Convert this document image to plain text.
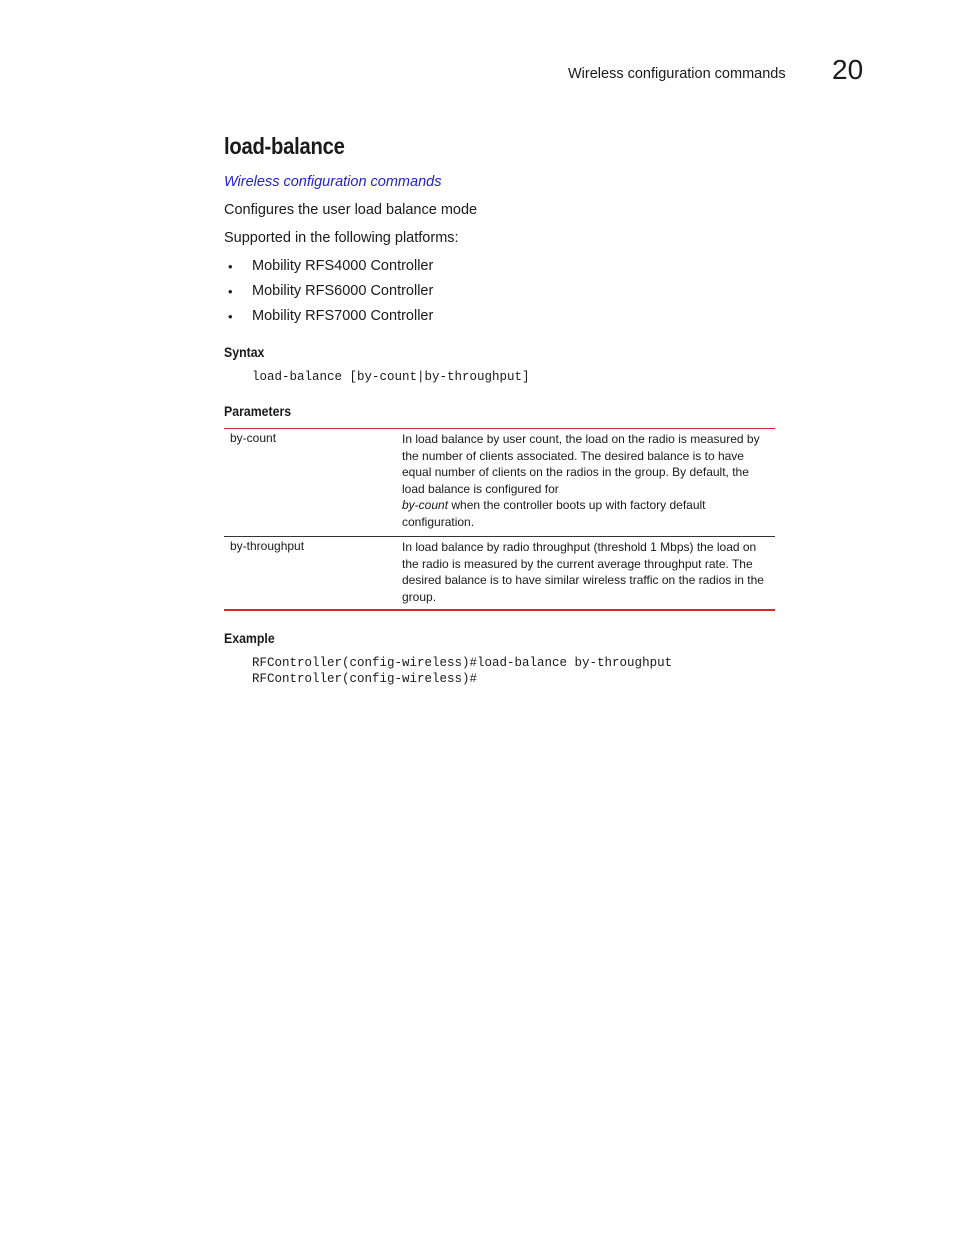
Wireless configuration commands 20
load-balance
Wireless configuration commands
Configures the user load balance mode
Supported in the following platforms:
• Mobility RFS4000 Controller
• Mobility RFS6000 Controller
• Mobility RFS7000 Controller
Syntax
load-balance [by-count|by-throughput]
Parameters
by-count	In load balance by user count, the load on the radio is measured by the number of clients associated. The desired balance is to have equal number of clients on the radios in the group. By default, the load balance is configured for
by-count when the controller boots up with factory default configuration.
by-throughput	In load balance by radio throughput (threshold 1 Mbps) the load on the radio is measured by the current average throughput rate. The desired balance is to have similar wireless traffic on the radios in the group.
Example
RFController(config-wireless)#load-balance by-throughput
RFController(config-wireless)#
